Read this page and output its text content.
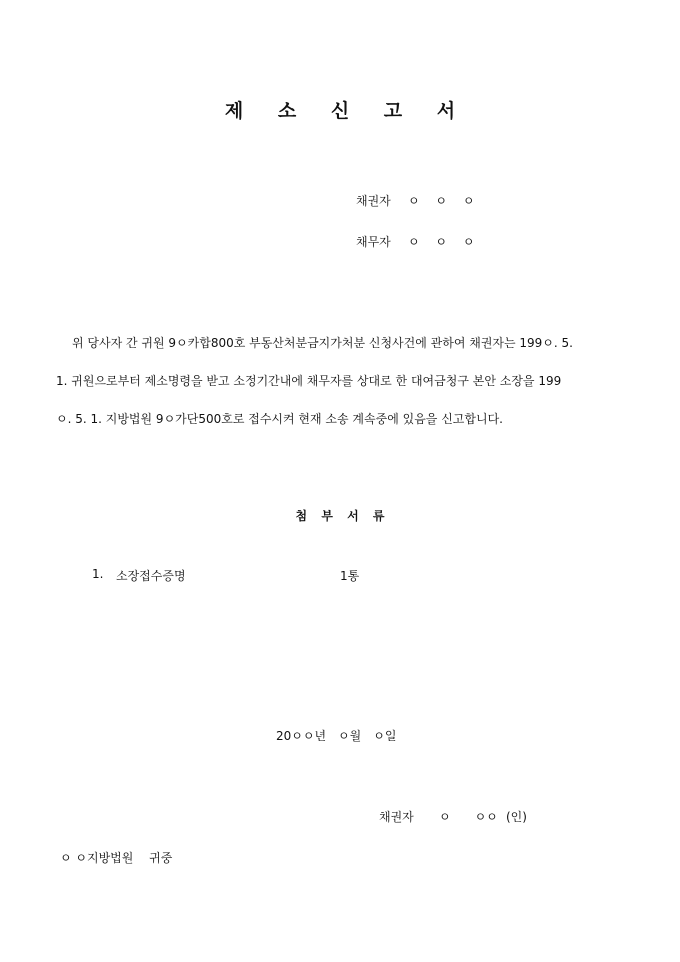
제 소 신 고 서
채권자 ㅇ　 ㅇ　 ㅇ
채무자 ㅇ　 ㅇ　 ㅇ
위 당사자 간 귀원 9ㅇ카합800호 부동산처분금지가처분 신청사건에 관하여 채권자는 199ㅇ. 5.
1. 귀원으로부터 제소명령을 받고 소정기간내에 채무자를 상대로 한 대여금청구 본안 소장을 199
ㅇ. 5. 1. 지방법원 9ㅇ가단500호로 접수시켜 현재 소송 계속중에 있음을 신고합니다.
첨 부 서 류
1. 소장접수증명	1통
20ㅇㅇ년　ㅇ월　ㅇ일
채권자 ㅇ　　ㅇㅇ (인)
ㅇ ㅇ지방법원　 귀중
